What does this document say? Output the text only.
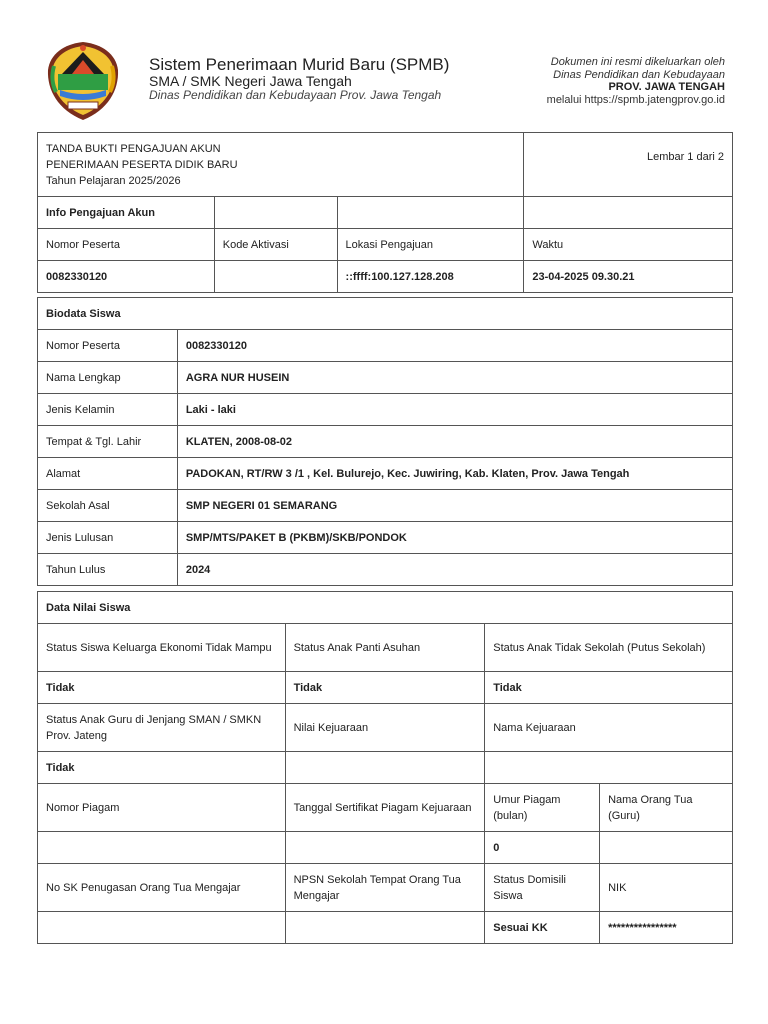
Sistem Penerimaan Murid Baru (SPMB)
SMA / SMK Negeri Jawa Tengah
Dinas Pendidikan dan Kebudayaan Prov. Jawa Tengah
Dokumen ini resmi dikeluarkan oleh
Dinas Pendidikan dan Kebudayaan
PROV. JAWA TENGAH
melalui https://spmb.jatengprov.go.id
TANDA BUKTI PENGAJUAN AKUN
PENERIMAAN PESERTA DIDIK BARU
Tahun Pelajaran 2025/2026			Lembar 1 dari 2
Info Pengajuan Akun			
Nomor Peserta	Kode Aktivasi	Lokasi Pengajuan	Waktu
0082330120		::ffff:100.127.128.208	23-04-2025 09.30.21
Biodata Siswa	
Nomor Peserta	0082330120
Nama Lengkap	AGRA NUR HUSEIN
Jenis Kelamin	Laki - laki
Tempat & Tgl. Lahir	KLATEN, 2008-08-02
Alamat	PADOKAN, RT/RW 3 /1 , Kel. Bulurejo, Kec. Juwiring, Kab. Klaten, Prov. Jawa Tengah
Sekolah Asal	SMP NEGERI 01 SEMARANG
Jenis Lulusan	SMP/MTS/PAKET B (PKBM)/SKB/PONDOK
Tahun Lulus	2024
Data Nilai Siswa			
Status Siswa Keluarga Ekonomi Tidak Mampu	Status Anak Panti Asuhan	Status Anak Tidak Sekolah (Putus Sekolah)	
Tidak	Tidak	Tidak	
Status Anak Guru di Jenjang SMAN / SMKN Prov. Jateng	Nilai Kejuaraan	Nama Kejuaraan	
Tidak			
Nomor Piagam	Tanggal Sertifikat Piagam Kejuaraan	Umur Piagam (bulan)	Nama Orang Tua (Guru)
		0	
No SK Penugasan Orang Tua Mengajar	NPSN Sekolah Tempat Orang Tua Mengajar	Status Domisili Siswa	NIK
		Sesuai KK	****************
